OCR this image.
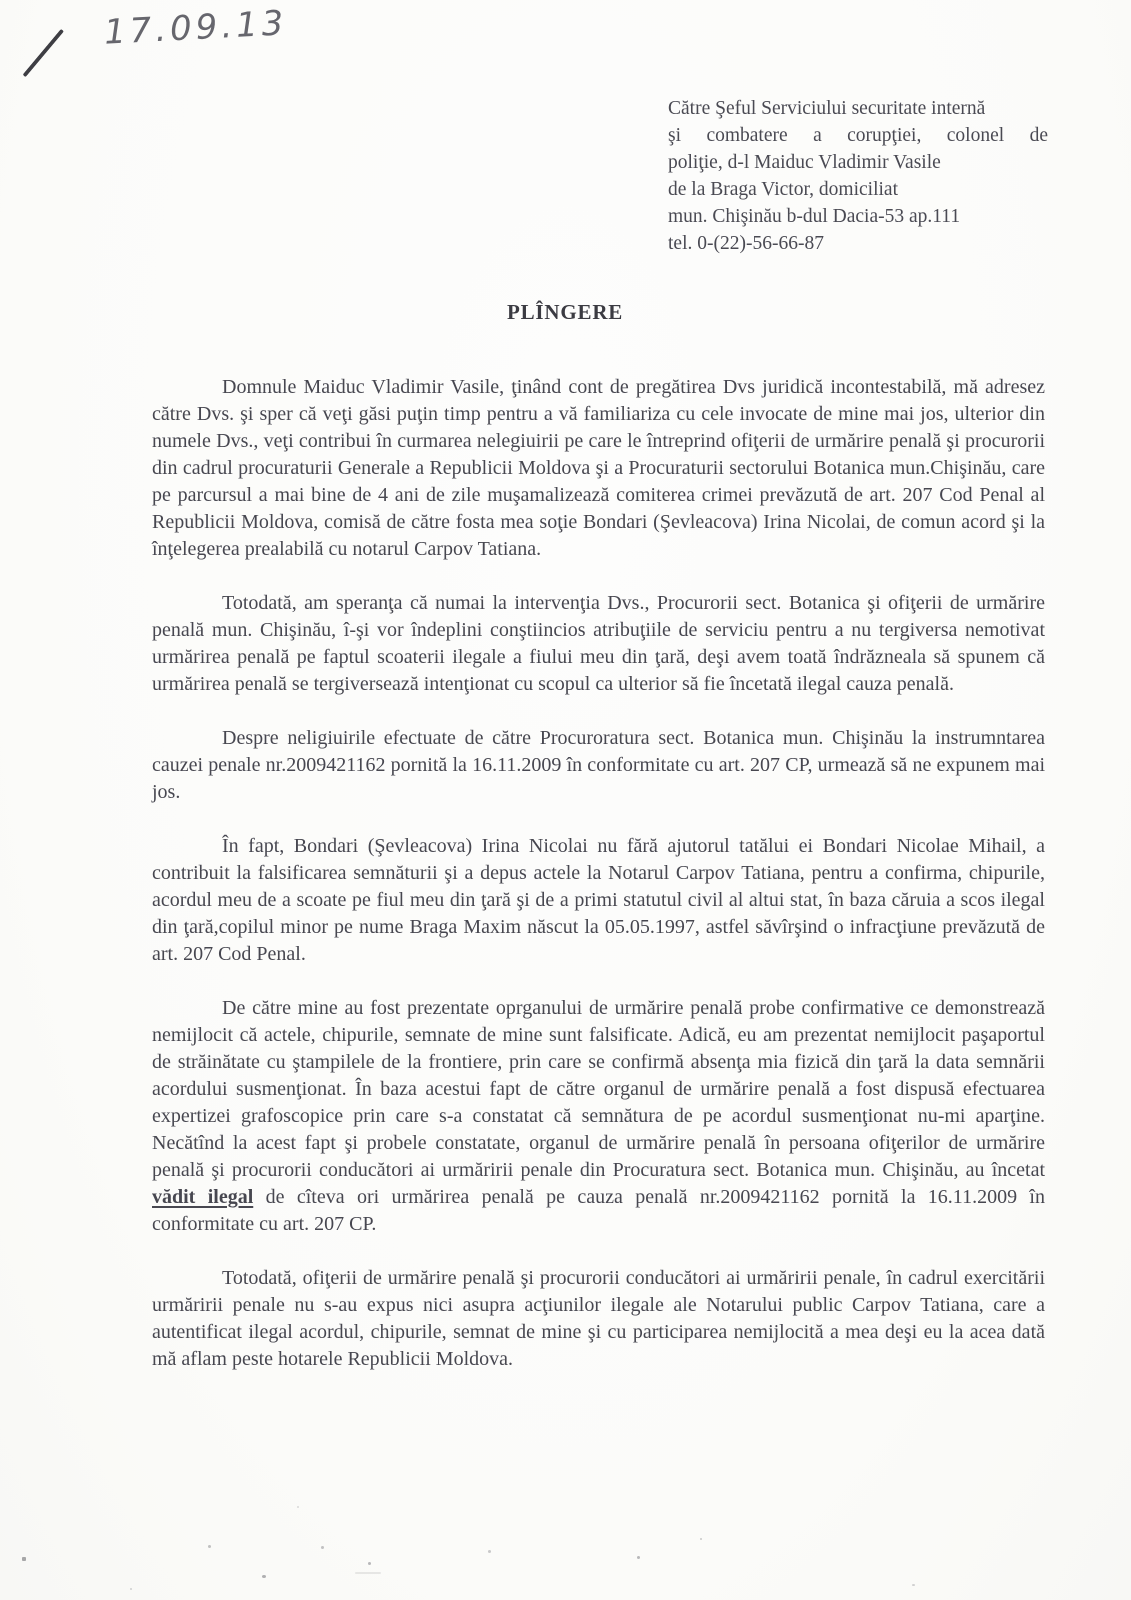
17.09.13
Către Şeful Serviciului securitate internă
şi combatere a corupţiei, colonel de
poliţie, d-l Maiduc Vladimir Vasile
de la Braga Victor, domiciliat
mun. Chişinău b-dul Dacia-53 ap.111
tel. 0-(22)-56-66-87
PLÎNGERE

Domnule Maiduc Vladimir Vasile, ţinând cont de pregătirea Dvs juridică incontestabilă, mă adresez către Dvs. şi sper că veţi găsi puţin timp pentru a vă familiariza cu cele invocate de mine mai jos, ulterior din numele Dvs., veţi contribui în curmarea nelegiuirii pe care le întreprind ofiţerii de urmărire penală şi procurorii din cadrul procuraturii Generale a Republicii Moldova şi a Procuraturii sectorului Botanica mun.Chişinău, care pe parcursul a mai bine de 4 ani de zile muşamalizează comiterea crimei prevăzută de art. 207 Cod Penal al Republicii Moldova, comisă de către fosta mea soţie Bondari (Şevleacova) Irina Nicolai, de comun acord şi la înţelegerea prealabilă cu notarul Carpov Tatiana.

Totodată, am speranţa că numai la intervenţia Dvs., Procurorii sect. Botanica şi ofiţerii de urmărire penală mun. Chişinău, î-şi vor îndeplini conştiincios atribuţiile de serviciu pentru a nu tergiversa nemotivat urmărirea penală pe faptul scoaterii ilegale a fiului meu din ţară, deşi avem toată îndrăzneala să spunem că urmărirea penală se tergiversează intenţionat cu scopul ca ulterior să fie încetată ilegal cauza penală.

Despre neligiuirile efectuate de către Procuroratura sect. Botanica mun. Chişinău la instrumntarea cauzei penale nr.2009421162 pornită la 16.11.2009 în conformitate cu art. 207 CP, urmează să ne expunem mai jos.

În fapt, Bondari (Şevleacova) Irina Nicolai nu fără ajutorul tatălui ei Bondari Nicolae Mihail, a contribuit la falsificarea semnăturii şi a depus actele la Notarul Carpov Tatiana, pentru a confirma, chipurile, acordul meu de a scoate pe fiul meu din ţară şi de a primi statutul civil al altui stat, în baza căruia a scos ilegal din ţară,copilul minor pe nume Braga Maxim născut la 05.05.1997, astfel săvîrşind o infracţiune prevăzută de art. 207 Cod Penal.

De către mine au fost prezentate oprganului de urmărire penală probe confirmative ce demonstrează nemijlocit că actele, chipurile, semnate de mine sunt falsificate. Adică, eu am prezentat nemijlocit paşaportul de străinătate cu ştampilele de la frontiere, prin care se confirmă absenţa mia fizică din ţară la data semnării acordului susmenţionat. În baza acestui fapt de către organul de urmărire penală a fost dispusă efectuarea expertizei grafoscopice prin care s-a constatat că semnătura de pe acordul susmenţionat nu-mi aparţine. Necătînd la acest fapt şi probele constatate, organul de urmărire penală în persoana ofiţerilor de urmărire penală şi procurorii conducători ai urmăririi penale din Procuratura sect. Botanica mun. Chişinău, au încetat vădit ilegal de cîteva ori urmărirea penală pe cauza penală nr.2009421162 pornită la 16.11.2009 în conformitate cu art. 207 CP.

Totodată, ofiţerii de urmărire penală şi procurorii conducători ai urmăririi penale, în cadrul exercitării urmăririi penale nu s-au expus nici asupra acţiunilor ilegale ale Notarului public Carpov Tatiana, care a autentificat ilegal acordul, chipurile, semnat de mine şi cu participarea nemijlocită a mea deşi eu la acea dată mă aflam peste hotarele Republicii Moldova.
